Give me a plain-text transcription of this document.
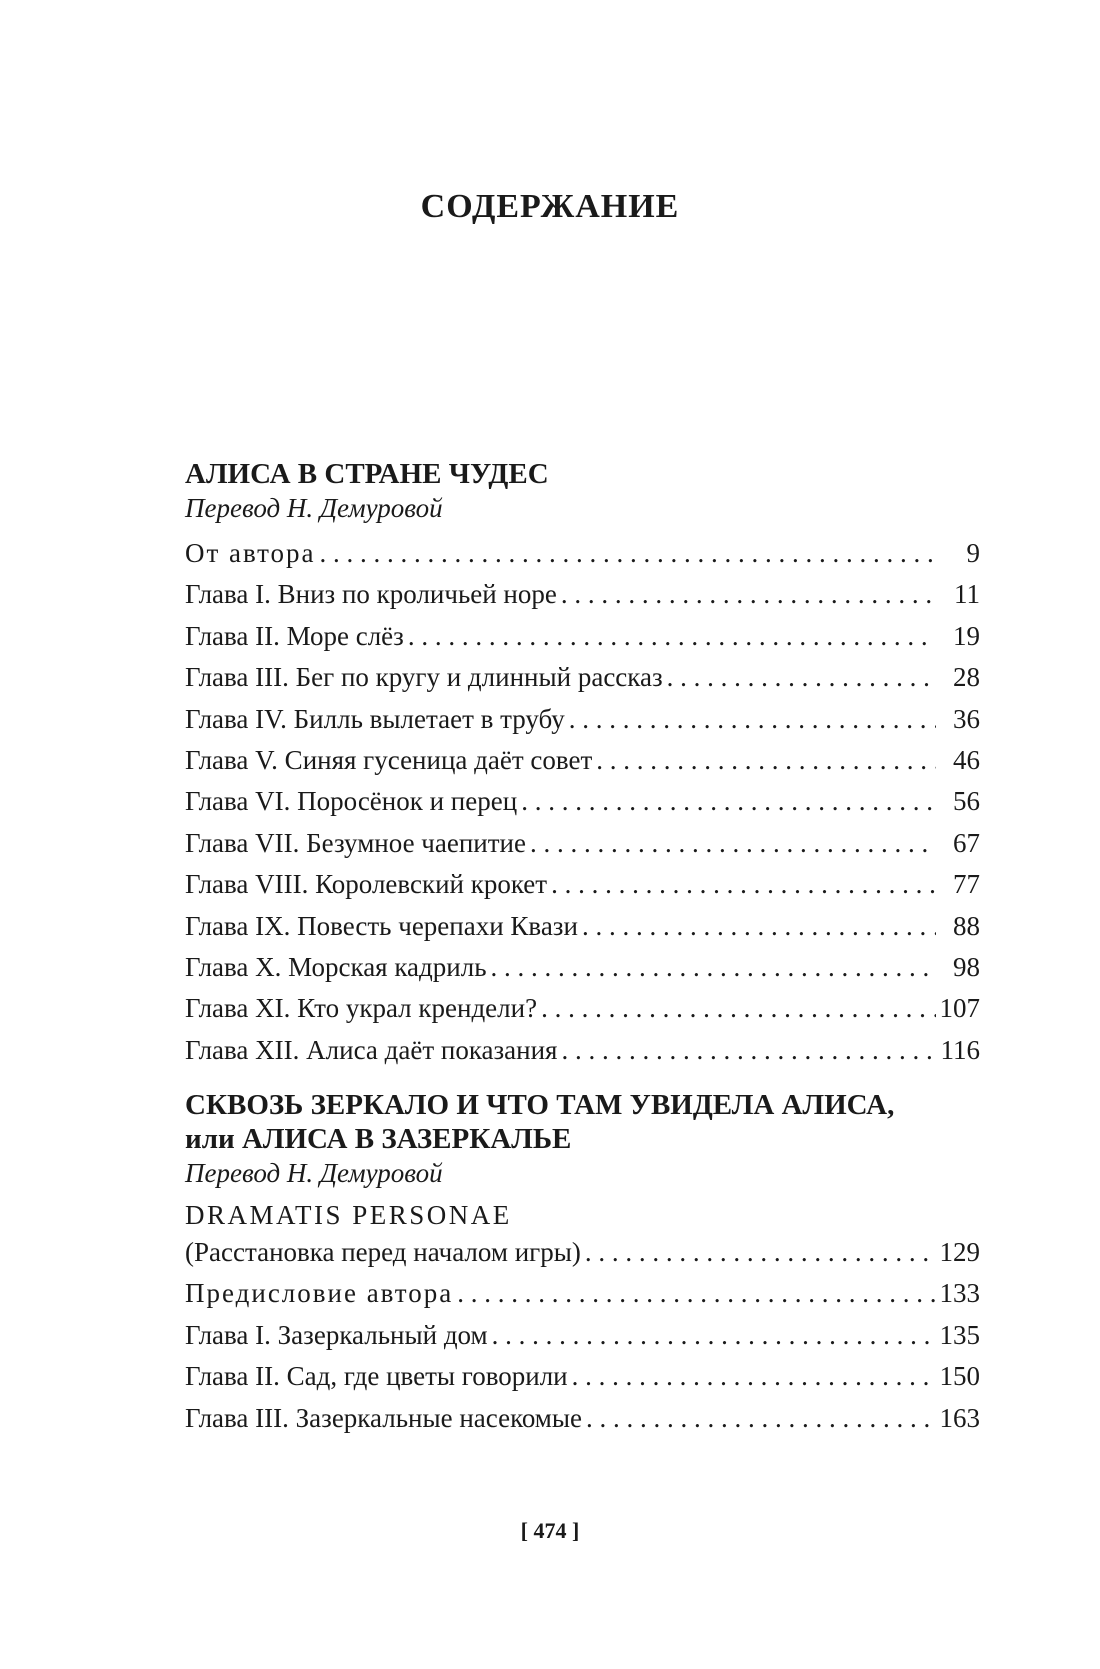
СОДЕРЖАНИЕ
АЛИСА В СТРАНЕ ЧУДЕС
Перевод Н. Демуровой
От автора . . .	9
Глава I. Вниз по кроличьей норе . . .	11
Глава II. Море слёз . . .	19
Глава III. Бег по кругу и длинный рассказ . . .	28
Глава IV. Билль вылетает в трубу . . .	36
Глава V. Синяя гусеница даёт совет . . .	46
Глава VI. Поросёнок и перец . . .	56
Глава VII. Безумное чаепитие . . .	67
Глава VIII. Королевский крокет . . .	77
Глава IX. Повесть черепахи Квази . . .	88
Глава X. Морская кадриль . . .	98
Глава XI. Кто украл крендели? . . .	107
Глава XII. Алиса даёт показания . . .	116
СКВОЗЬ ЗЕРКАЛО И ЧТО ТАМ УВИДЕЛА АЛИСА,
или АЛИСА В ЗАЗЕРКАЛЬЕ
Перевод Н. Демуровой
DRAMATIS PERSONAE
(Расстановка перед началом игры) . . .	129
Предисловие автора . . .	133
Глава I. Зазеркальный дом . . .	135
Глава II. Сад, где цветы говорили . . .	150
Глава III. Зазеркальные насекомые . . .	163
[ 474 ]
